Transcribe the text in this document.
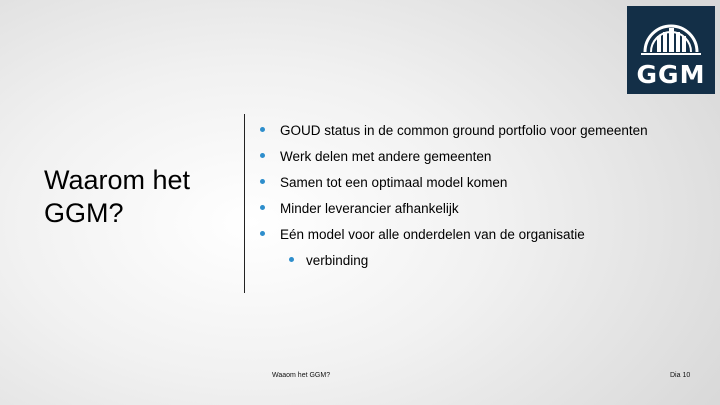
GGM
Waarom het
GGM?
GOUD status in de common ground portfolio voor gemeenten
Werk delen met andere gemeenten
Samen tot een optimaal model komen
Minder leverancier afhankelijk
Eén model voor alle onderdelen van de organisatie
verbinding
Waaom het GGM?	Dia 10
